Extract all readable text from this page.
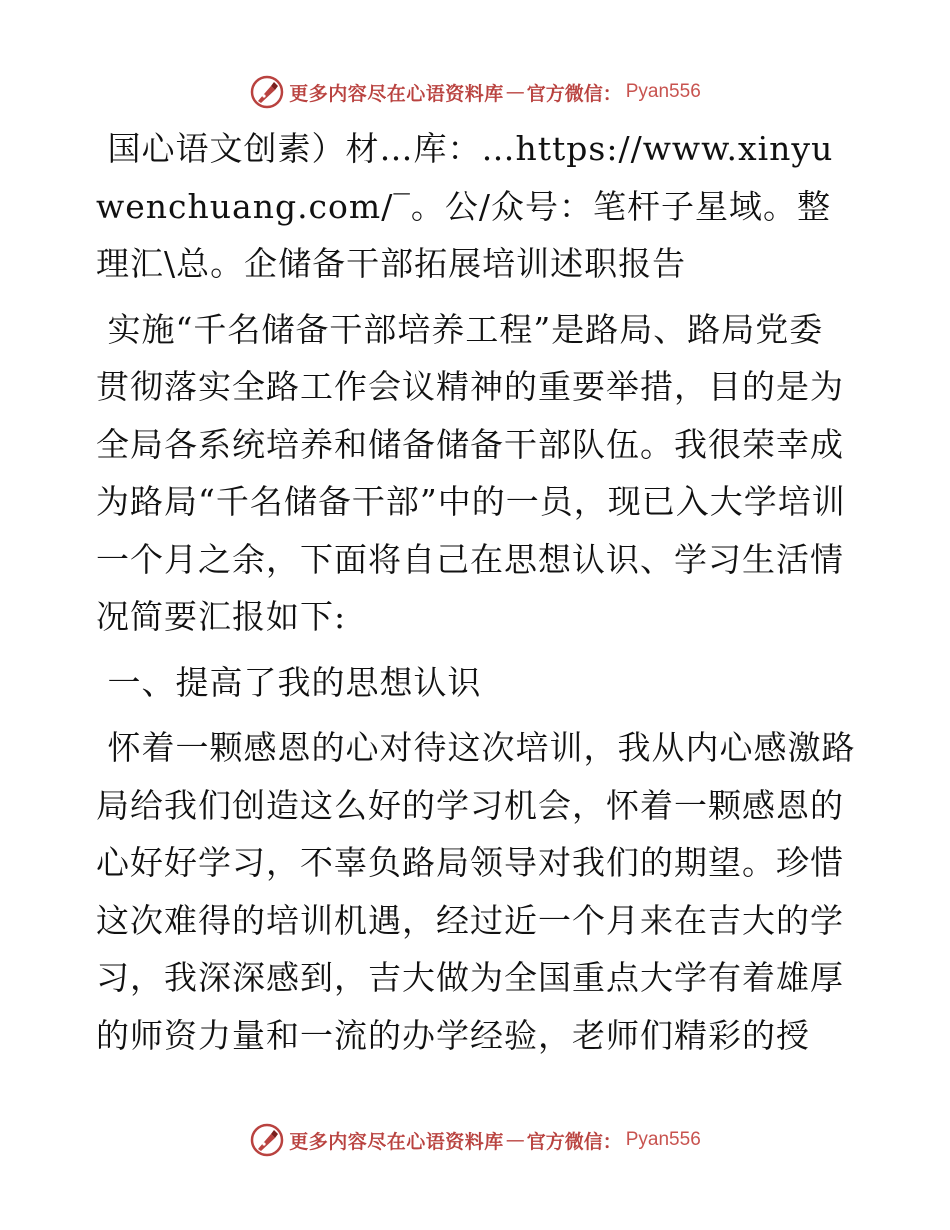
更多内容尽在心语资料库 — 官方微信： Pyan556

国心语文创素）材…库：…https://www.xinyuwenchuang.com/‾。公/众号：笔杆子星域。整理汇\总。企储备干部拓展培训述职报告

实施“千名储备干部培养工程”是路局、路局党委贯彻落实全路工作会议精神的重要举措，目的是为全局各系统培养和储备储备干部队伍。我很荣幸成为路局“千名储备干部”中的一员，现已入大学培训一个月之余，下面将自己在思想认识、学习生活情况简要汇报如下:

一、提高了我的思想认识

怀着一颗感恩的心对待这次培训，我从内心感激路局给我们创造这么好的学习机会，怀着一颗感恩的心好好学习，不辜负路局领导对我们的期望。珍惜这次难得的培训机遇，经过近一个月来在吉大的学习，我深深感到，吉大做为全国重点大学有着雄厚的师资力量和一流的办学经验，老师们精彩的授

更多内容尽在心语资料库 — 官方微信： Pyan556
